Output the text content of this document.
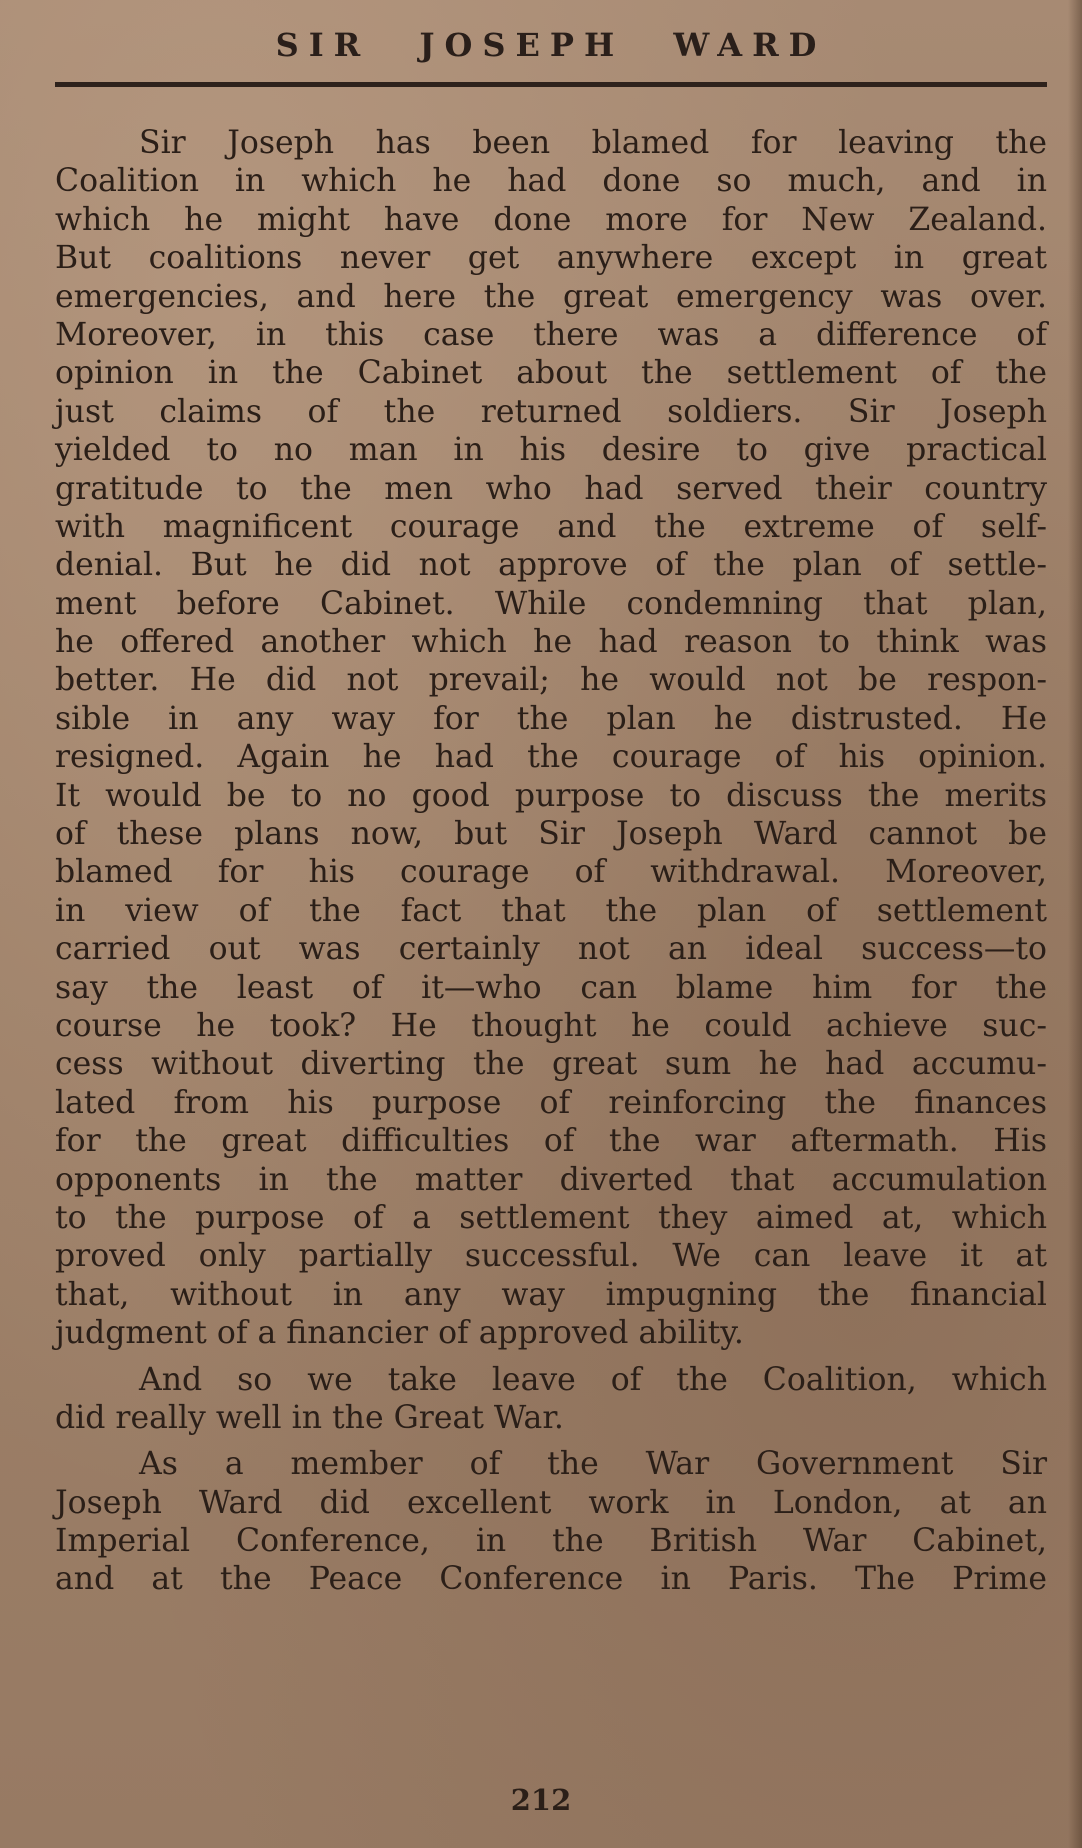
SIR JOSEPH WARD
Sir Joseph has been blamed for leaving the
Coalition in which he had done so much, and in
which he might have done more for New Zealand.
But coalitions never get anywhere except in great
emergencies, and here the great emergency was over.
Moreover, in this case there was a difference of
opinion in the Cabinet about the settlement of the
just claims of the returned soldiers. Sir Joseph
yielded to no man in his desire to give practical
gratitude to the men who had served their country
with magnificent courage and the extreme of self-
denial. But he did not approve of the plan of settle-
ment before Cabinet. While condemning that plan,
he offered another which he had reason to think was
better. He did not prevail; he would not be respon-
sible in any way for the plan he distrusted. He
resigned. Again he had the courage of his opinion.
It would be to no good purpose to discuss the merits
of these plans now, but Sir Joseph Ward cannot be
blamed for his courage of withdrawal. Moreover,
in view of the fact that the plan of settlement
carried out was certainly not an ideal success—to
say the least of it—who can blame him for the
course he took? He thought he could achieve suc-
cess without diverting the great sum he had accumu-
lated from his purpose of reinforcing the finances
for the great difficulties of the war aftermath. His
opponents in the matter diverted that accumulation
to the purpose of a settlement they aimed at, which
proved only partially successful. We can leave it at
that, without in any way impugning the financial
judgment of a financier of approved ability.
And so we take leave of the Coalition, which
did really well in the Great War.
As a member of the War Government Sir
Joseph Ward did excellent work in London, at an
Imperial Conference, in the British War Cabinet,
and at the Peace Conference in Paris. The Prime
212
